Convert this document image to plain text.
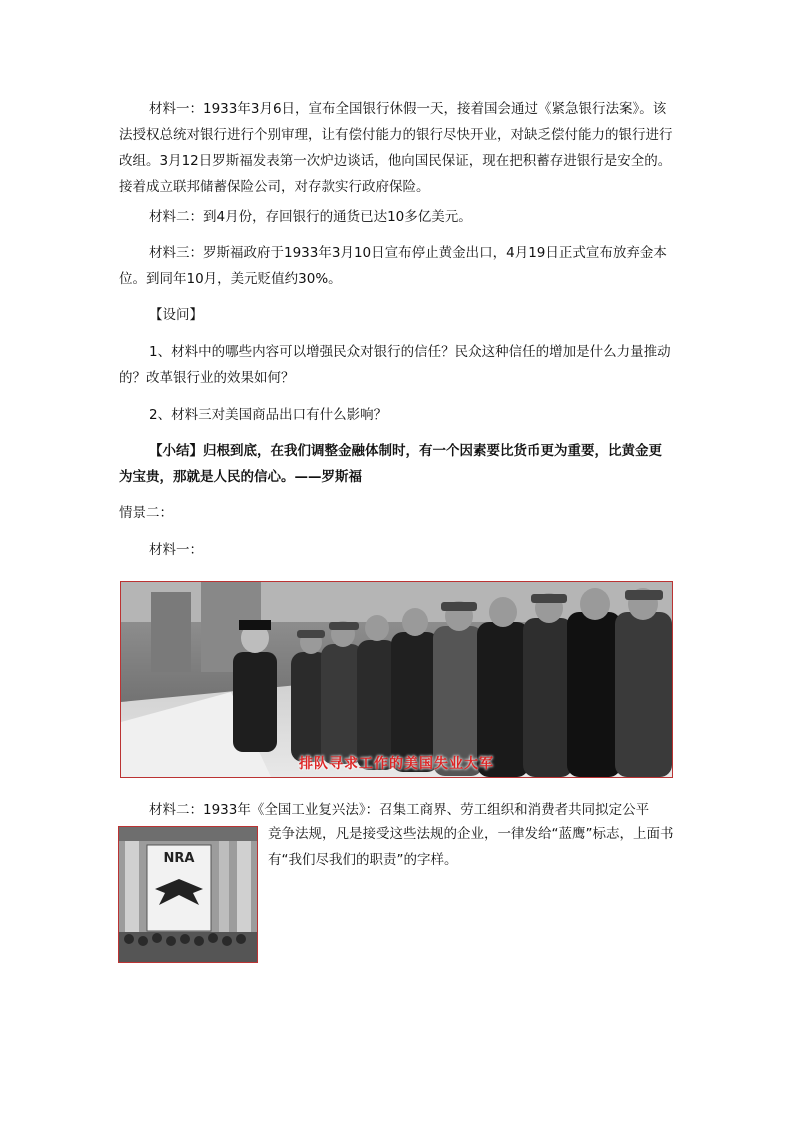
材料一：1933年3月6日，宣布全国银行休假一天，接着国会通过《紧急银行法案》。该法授权总统对银行进行个别审理，让有偿付能力的银行尽快开业，对缺乏偿付能力的银行进行改组。3月12日罗斯福发表第一次炉边谈话，他向国民保证，现在把积蓄存进银行是安全的。接着成立联邦储蓄保险公司，对存款实行政府保险。

材料二：到4月份，存回银行的通货已达10多亿美元。

材料三：罗斯福政府于1933年3月10日宣布停止黄金出口，4月19日正式宣布放弃金本位。到同年10月，美元贬值约30%。

【设问】

1、材料中的哪些内容可以增强民众对银行的信任？民众这种信任的增加是什么力量推动的？改革银行业的效果如何？

2、材料三对美国商品出口有什么影响？

【小结】归根到底，在我们调整金融体制时，有一个因素要比货币更为重要，比黄金更为宝贵，那就是人民的信心。——罗斯福

情景二：

材料一：

排队寻求工作的美国失业大军

材料二：1933年《全国工业复兴法》：召集工商界、劳工组织和消费者共同拟定公平

NRA

竞争法规，凡是接受这些法规的企业，一律发给“蓝鹰”标志，上面书有“我们尽我们的职责”的字样。
